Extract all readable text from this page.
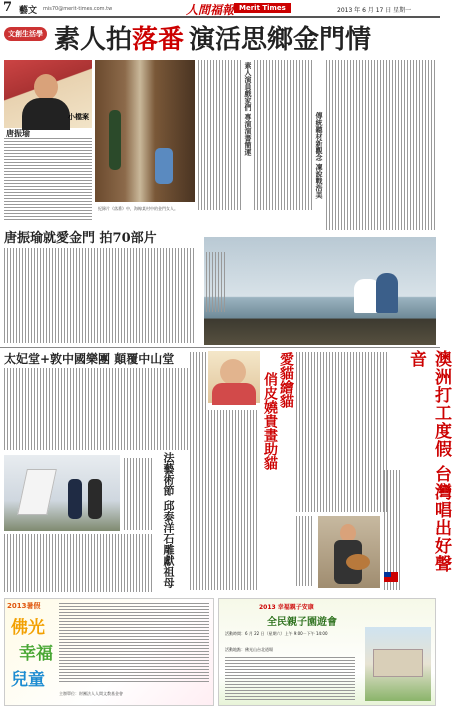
7 藝文 mis70@merit-times.com.tw	人間福報 Merit Times	2013 年 6 月 17 日 星期一
文創生活學 素人拍落番 演活思鄉金門情
小檔案
唐振瑜
紀錄片《落番》中，海線某村中的金門女人。
素人演員戲家們 專演演書簡運	傳統聽材新觀念 凜說戰浩美
唐振瑜就愛金門 拍70部片
太妃堂+敦中國樂團 顛覆中山堂
法藝術節 邱泰洋石雕獻祖母
愛貓繪貓
俏皮嬈貴畫助貓	澳洲打工度假 台灣唱出好聲音
2013暑假
佛光
幸福
兒童
主辦單位：財團法人人間文教基金會
2013 幸福親子安康
全民親子園遊會
活動時間：6 月 22 日（星期六）上午 9:00－下午 14:00
活動地點：佛光山台北道場
